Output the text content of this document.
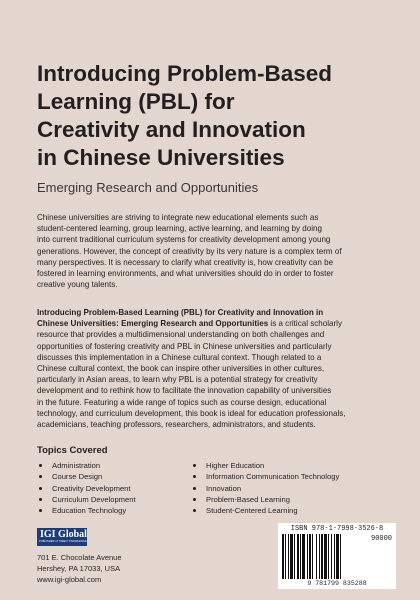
Introducing Problem-Based
Learning (PBL) for
Creativity and Innovation
in Chinese Universities
Emerging Research and Opportunities
Chinese universities are striving to integrate new educational elements such as
student-centered learning, group learning, active learning, and learning by doing
into current traditional curriculum systems for creativity development among young
generations. However, the concept of creativity by its very nature is a complex term of
many perspectives. It is necessary to clarify what creativity is, how creativity can be
fostered in learning environments, and what universities should do in order to foster
creative young talents.
Introducing Problem-Based Learning (PBL) for Creativity and Innovation in
Chinese Universities: Emerging Research and Opportunities is a critical scholarly
resource that provides a multidimensional understanding on both challenges and
opportunities of fostering creativity and PBL in Chinese universities and particularly
discusses this implementation in a Chinese cultural context. Though related to a
Chinese cultural context, the book can inspire other universities in other cultures,
particularly in Asian areas, to learn why PBL is a potential strategy for creativity
development and to rethink how to facilitate the innovation capability of universities
in the future. Featuring a wide range of topics such as course design, educational
technology, and curriculum development, this book is ideal for education professionals,
academicians, teaching professors, researchers, administrators, and students.
Topics Covered
Administration
Course Design
Creativity Development
Curriculum Development
Education Technology
Higher Education
Information Communication Technology
Innovation
Problem-Based Learning
Student-Centered Learning
IGI Global
PUBLISHER of TIMELY KNOWLEDGE
701 E. Chocolate Avenue
Hershey, PA 17033, USA
www.igi-global.com
ISBN 978-1-7998-3526-8
90000
9 781799 835288
